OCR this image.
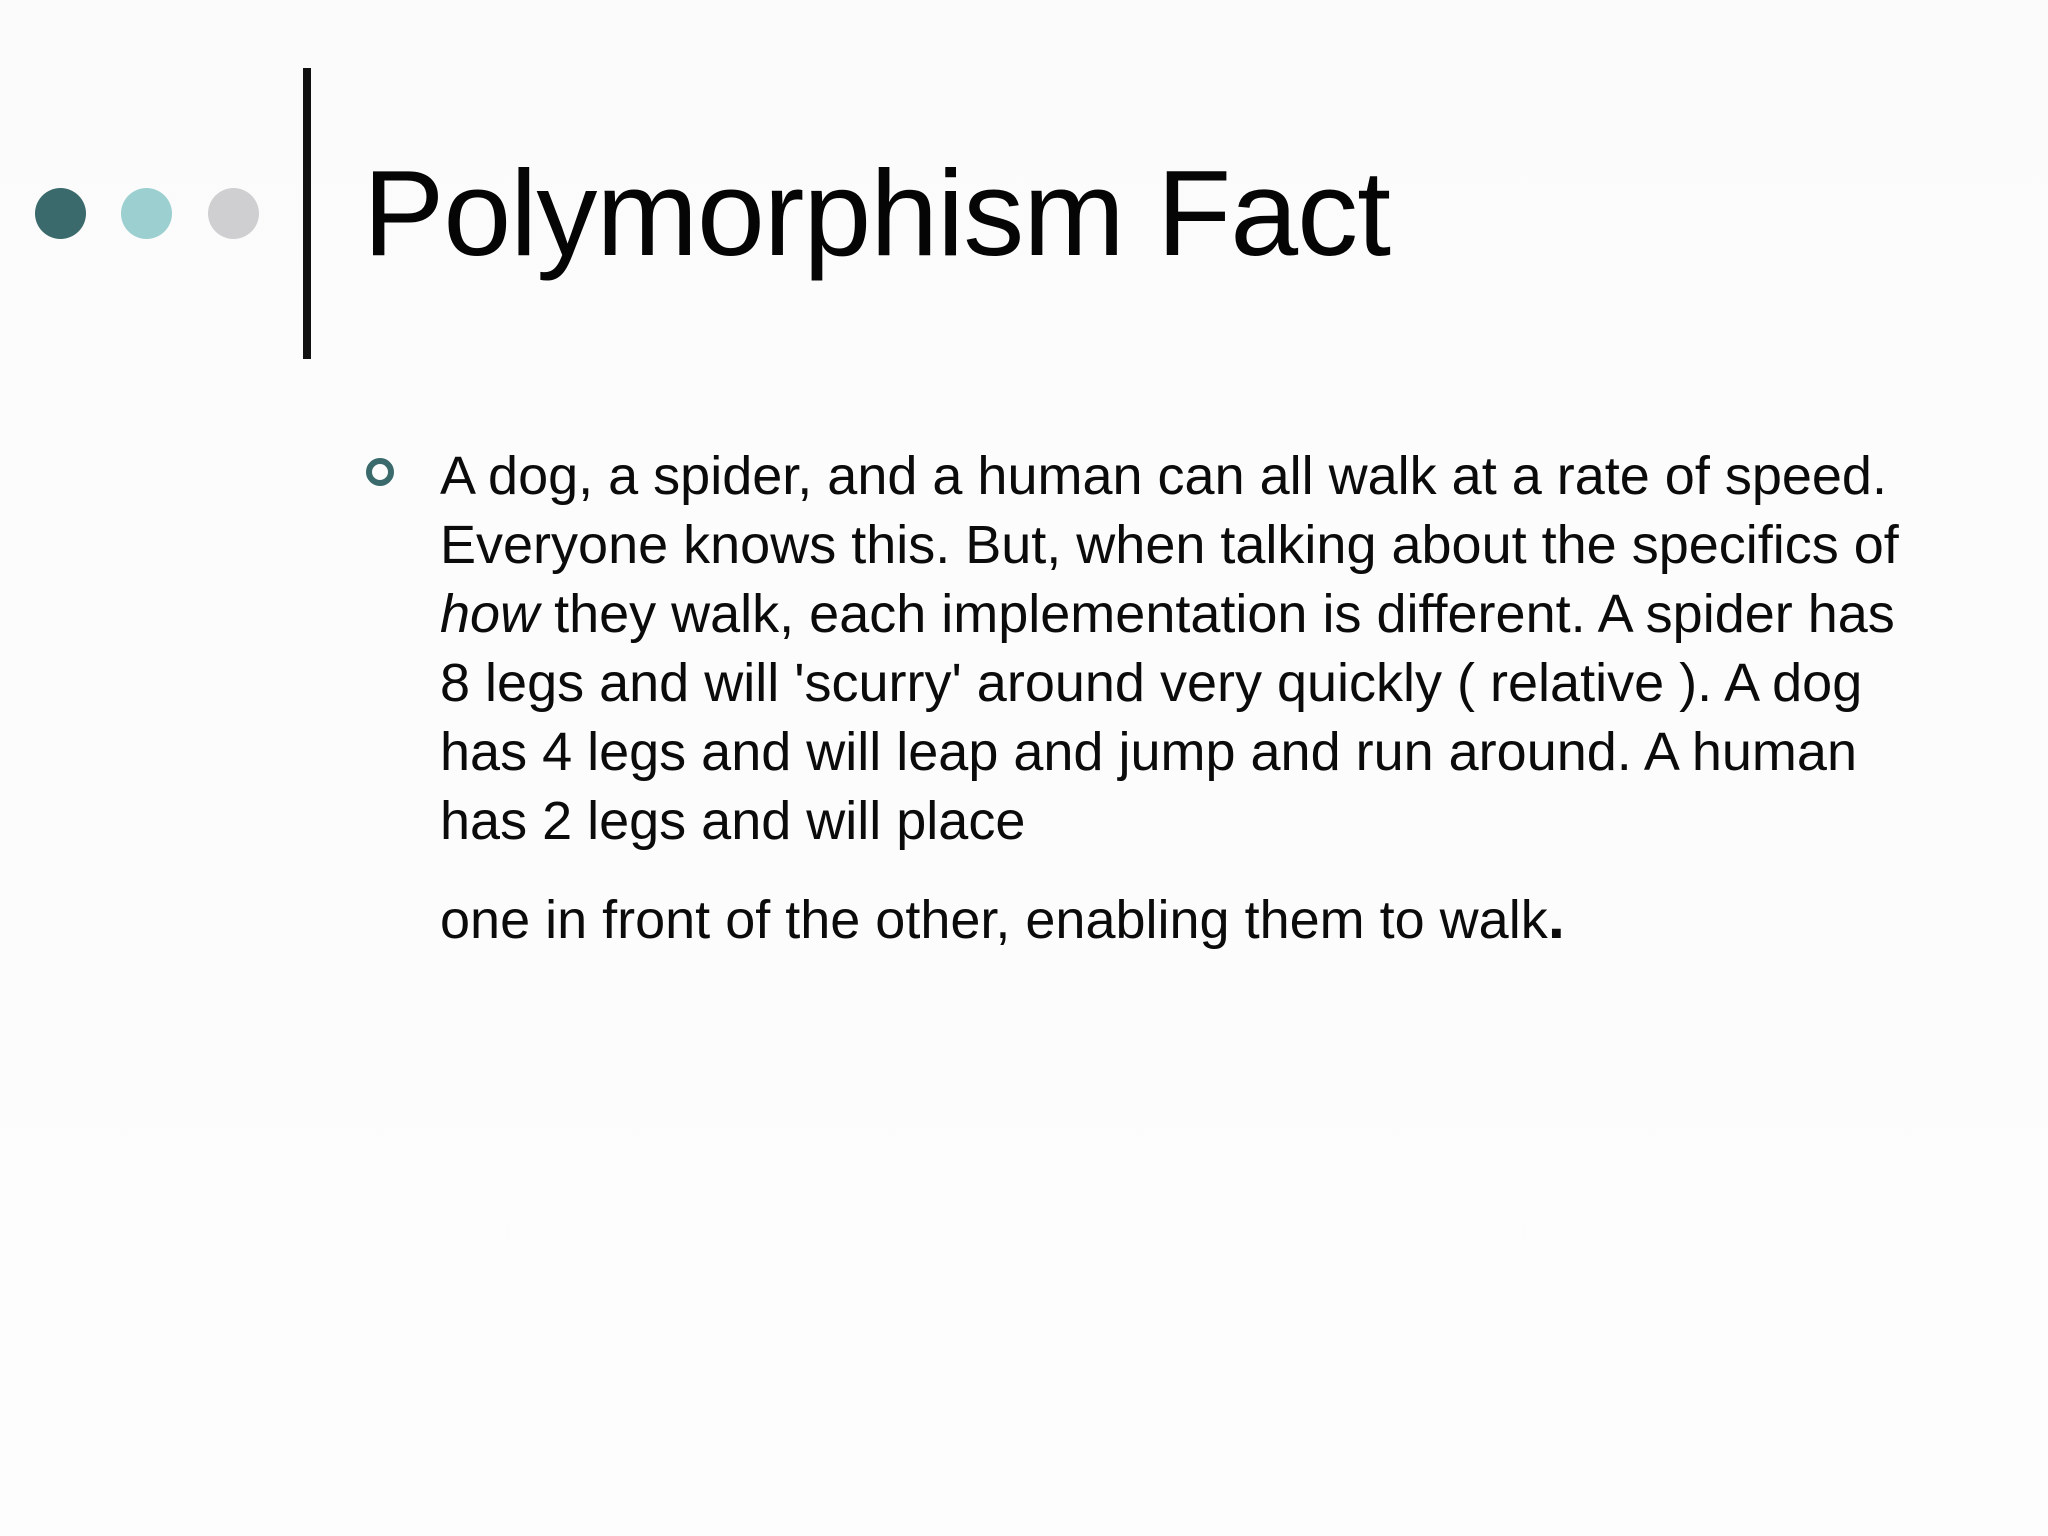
Polymorphism Fact

A dog, a spider, and a human can all walk at a rate of speed. Everyone knows this. But, when talking about the specifics of how they walk, each implementation is different. A spider has 8 legs and will 'scurry' around very quickly ( relative ). A dog has 4 legs and will leap and jump and run around. A human has 2 legs and will place
one in front of the other, enabling them to walk.
